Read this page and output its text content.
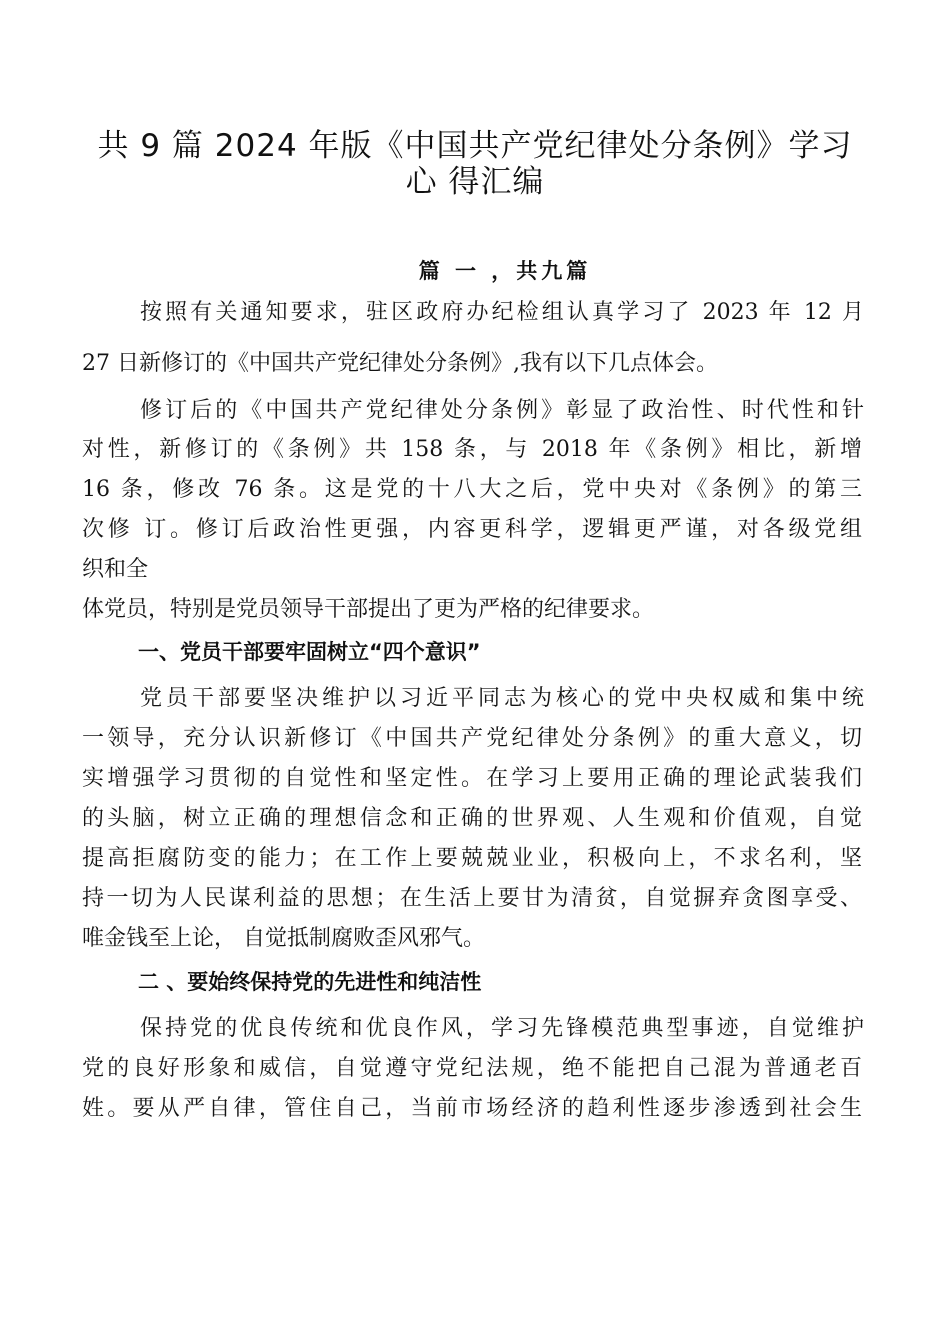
共 9 篇 2024 年版《中国共产党纪律处分条例》学习
心 得汇编
篇 一 ，共九篇

按照有关通知要求，驻区政府办纪检组认真学习了 2023 年 12 月

27 日新修订的《中国共产党纪律处分条例》,我有以下几点体会。

修订后的《中国共产党纪律处分条例》彰显了政治性、时代性和针

对性，新修订的《条例》共 158 条，与 2018 年《条例》相比，新增

16 条，修改 76 条。这是党的十八大之后，党中央对《条例》的第三

次修 订。修订后政治性更强，内容更科学，逻辑更严谨，对各级党组

织和全

体党员，特别是党员领导干部提出了更为严格的纪律要求。

一、党员干部要牢固树立“四个意识”

党员干部要坚决维护以习近平同志为核心的党中央权威和集中统

一领导，充分认识新修订《中国共产党纪律处分条例》的重大意义，切

实增强学习贯彻的自觉性和坚定性。在学习上要用正确的理论武装我们

的头脑，树立正确的理想信念和正确的世界观、人生观和价值观，自觉

提高拒腐防变的能力；在工作上要兢兢业业，积极向上，不求名利，坚

持一切为人民谋利益的思想；在生活上要甘为清贫，自觉摒弃贪图享受、

唯金钱至上论， 自觉抵制腐败歪风邪气。

二 、要始终保持党的先进性和纯洁性

保持党的优良传统和优良作风，学习先锋模范典型事迹，自觉维护

党的良好形象和威信，自觉遵守党纪法规，绝不能把自己混为普通老百

姓。要从严自律，管住自己，当前市场经济的趋利性逐步渗透到社会生
